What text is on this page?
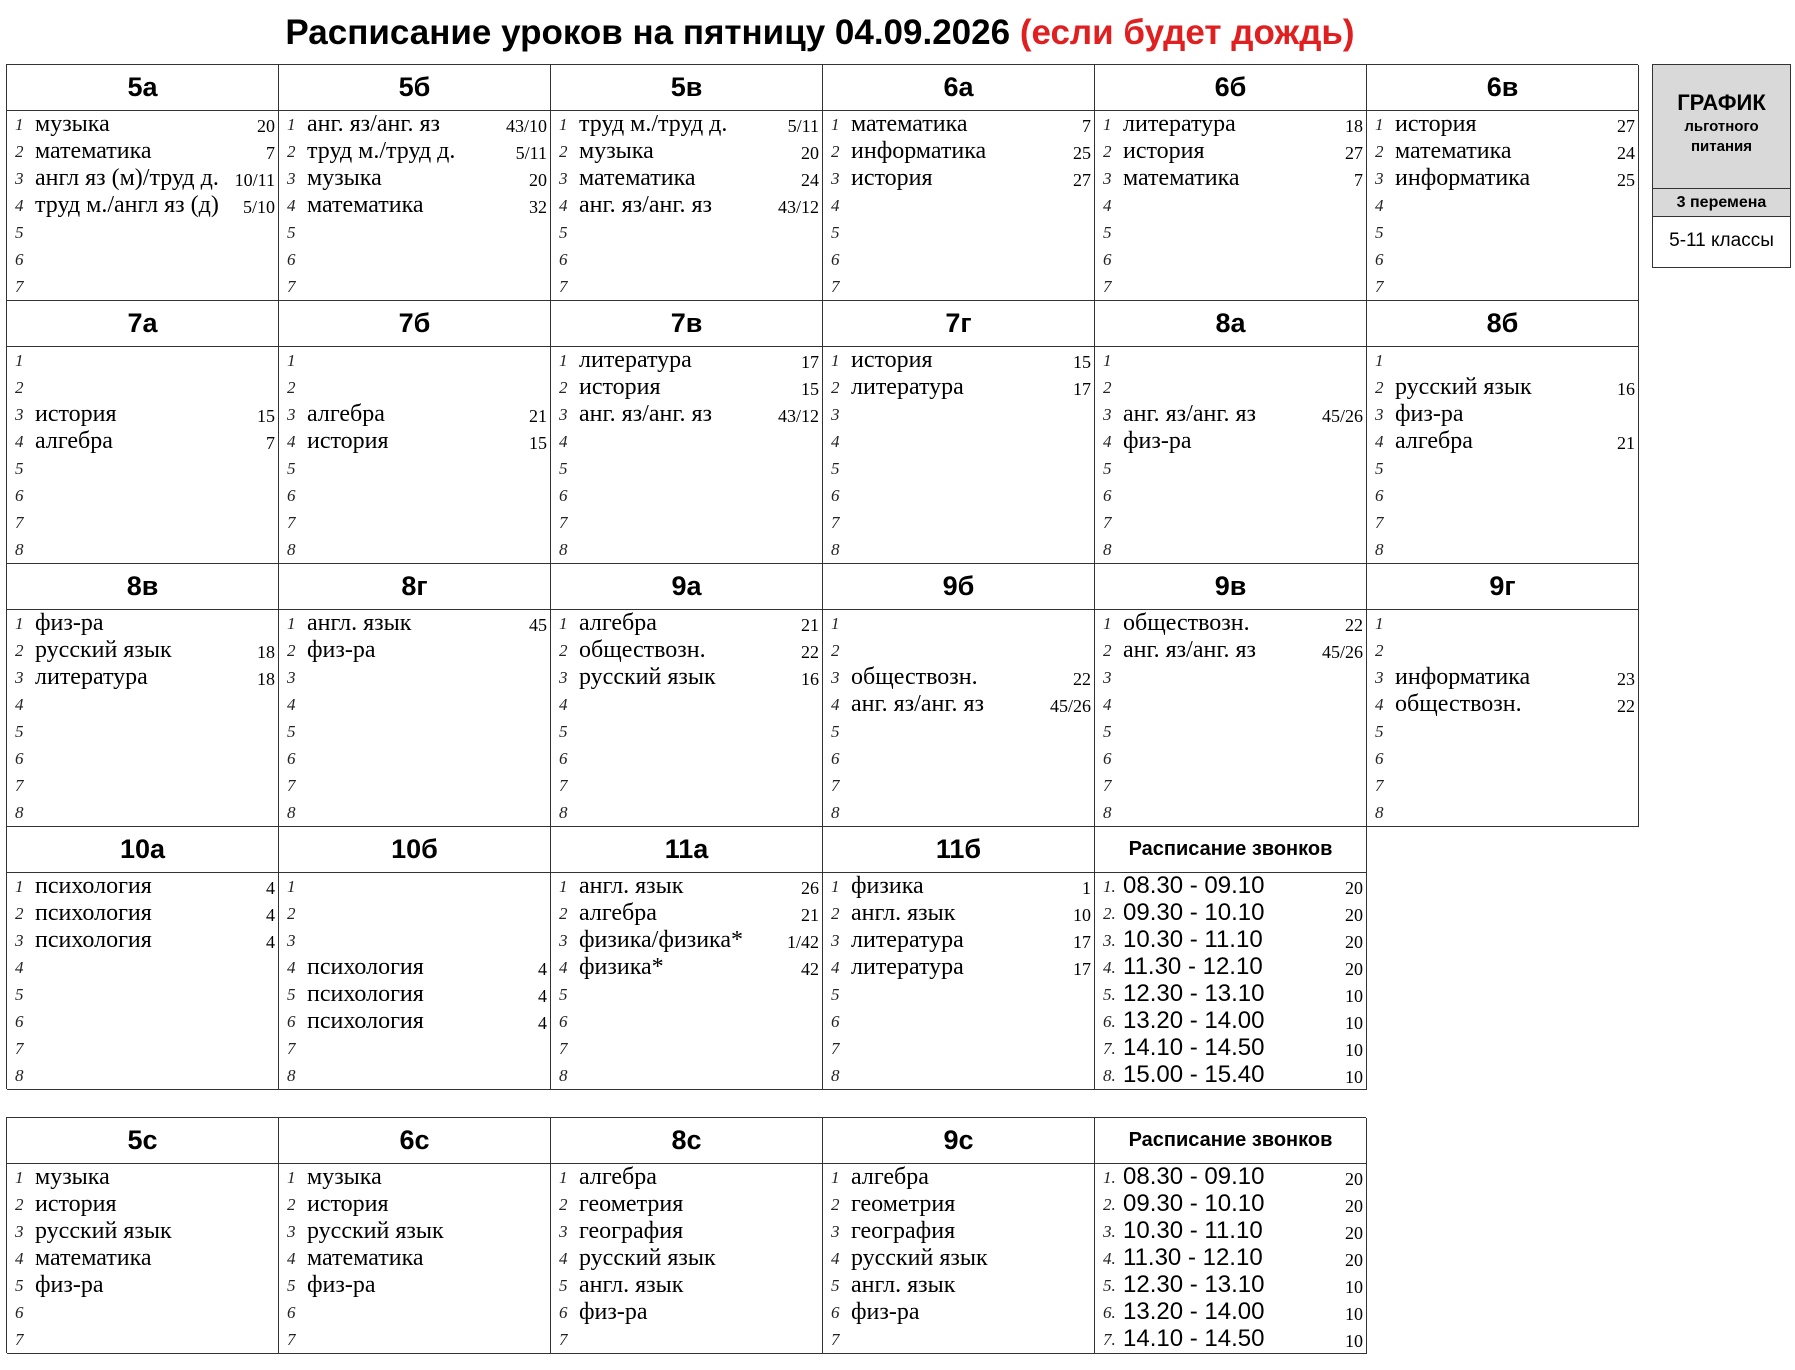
Расписание уроков на пятницу 04.09.2026 (если будет дождь)
5а
1 музыка	20
2 математика	7
3 англ яз (м)/труд д. 10/11
4 труд м./англ яз (д) 5/10
5
6
7
5б
1 анг. яз/анг. яз	43/10
2 труд м./труд д.	5/11
3 музыка	20
4 математика	32
5
6
7
5в
1 труд м./труд д.	5/11
2 музыка	20
3 математика	24
4 анг. яз/анг. яз	43/12
5
6
7
6а
1 математика	7
2 информатика	25
3 история	27
4
5
6
7
6б
1 литература	18
2 история	27
3 математика	7
4
5
6
7
6в
1 история	27
2 математика	24
3 информатика	25
4
5
6
7
7а
1
2
3 история	15
4 алгебра	7
5
6
7
8
7б
1
2
3 алгебра	21
4 история	15
5
6
7
8
7в
1 литература	17
2 история	15
3 анг. яз/анг. яз	43/12
4
5
6
7
8
7г
1 история	15
2 литература	17
3
4
5
6
7
8
8а
1
2
3 анг. яз/анг. яз	45/26
4 физ-ра
5
6
7
8
8б
1
2 русский язык	16
3 физ-ра
4 алгебра	21
5
6
7
8
8в
1 физ-ра
2 русский язык	18
3 литература	18
4
5
6
7
8
8г
1 англ. язык	45
2 физ-ра
3
4
5
6
7
8
9а
1 алгебра	21
2 обществозн.	22
3 русский язык	16
4
5
6
7
8
9б
1
2
3 обществозн.	22
4 анг. яз/анг. яз	45/26
5
6
7
8
9в
1 обществозн.	22
2 анг. яз/анг. яз	45/26
3
4
5
6
7
8
9г
1
2
3 информатика	23
4 обществозн.	22
5
6
7
8
10а
1 психология	4
2 психология	4
3 психология	4
4
5
6
7
8
10б
1
2
3
4 психология	4
5 психология	4
6 психология	4
7
8
11а
1 англ. язык	26
2 алгебра	21
3 физика/физика* 1/42
4 физика*	42
5
6
7
8
11б
1 физика	1
2 англ. язык	10
3 литература	17
4 литература	17
5
6
7
8
Расписание звонков
1. 08.30 - 09.10	20
2. 09.30 - 10.10	20
3. 10.30 - 11.10	20
4. 11.30 - 12.10	20
5. 12.30 - 13.10	10
6. 13.20 - 14.00	10
7. 14.10 - 14.50	10
8. 15.00 - 15.40	10
5с
1 музыка
2 история
3 русский язык
4 математика
5 физ-ра
6
7
6с
1 музыка
2 история
3 русский язык
4 математика
5 физ-ра
6
7
8с
1 алгебра
2 геометрия
3 география
4 русский язык
5 англ. язык
6 физ-ра
7
9с
1 алгебра
2 геометрия
3 география
4 русский язык
5 англ. язык
6 физ-ра
7
Расписание звонков
1. 08.30 - 09.10	20
2. 09.30 - 10.10	20
3. 10.30 - 11.10	20
4. 11.30 - 12.10	20
5. 12.30 - 13.10	10
6. 13.20 - 14.00	10
7. 14.10 - 14.50	10
ГРАФИК
льготного
питания
3 перемена
5-11 классы
